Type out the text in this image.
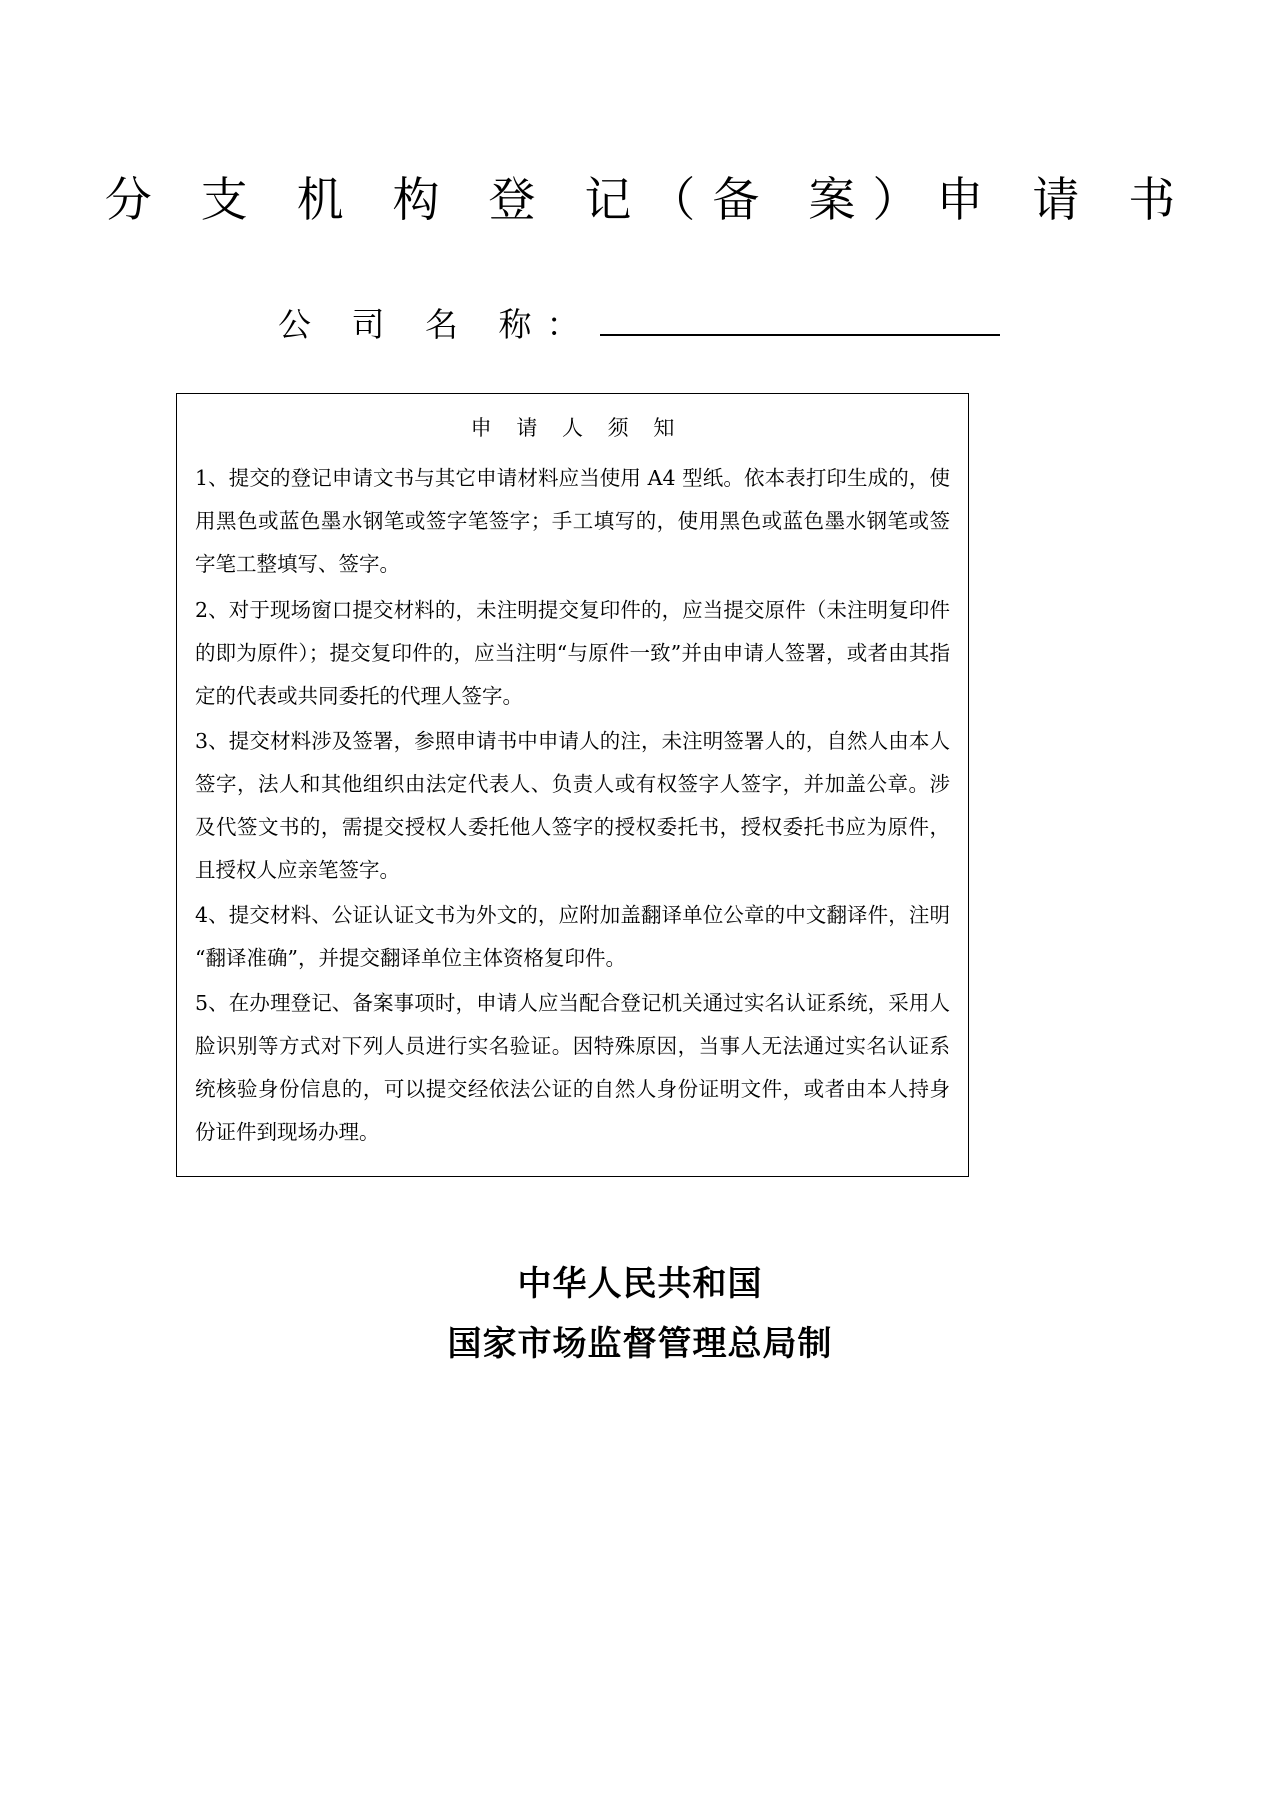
分 支 机 构 登 记（备 案）申 请 书
公 司 名 称：
申 请 人 须 知

1、提交的登记申请文书与其它申请材料应当使用 A4 型纸。依本表打印生成的，使用黑色或蓝色墨水钢笔或签字笔签字；手工填写的，使用黑色或蓝色墨水钢笔或签字笔工整填写、签字。

2、对于现场窗口提交材料的，未注明提交复印件的，应当提交原件（未注明复印件的即为原件）；提交复印件的，应当注明“与原件一致”并由申请人签署，或者由其指定的代表或共同委托的代理人签字。

3、提交材料涉及签署，参照申请书中申请人的注，未注明签署人的，自然人由本人签字，法人和其他组织由法定代表人、负责人或有权签字人签字，并加盖公章。涉及代签文书的，需提交授权人委托他人签字的授权委托书，授权委托书应为原件，且授权人应亲笔签字。

4、提交材料、公证认证文书为外文的，应附加盖翻译单位公章的中文翻译件，注明“翻译准确”，并提交翻译单位主体资格复印件。

5、在办理登记、备案事项时，申请人应当配合登记机关通过实名认证系统，采用人脸识别等方式对下列人员进行实名验证。因特殊原因，当事人无法通过实名认证系统核验身份信息的，可以提交经依法公证的自然人身份证明文件，或者由本人持身份证件到现场办理。

中华人民共和国
国家市场监督管理总局制
